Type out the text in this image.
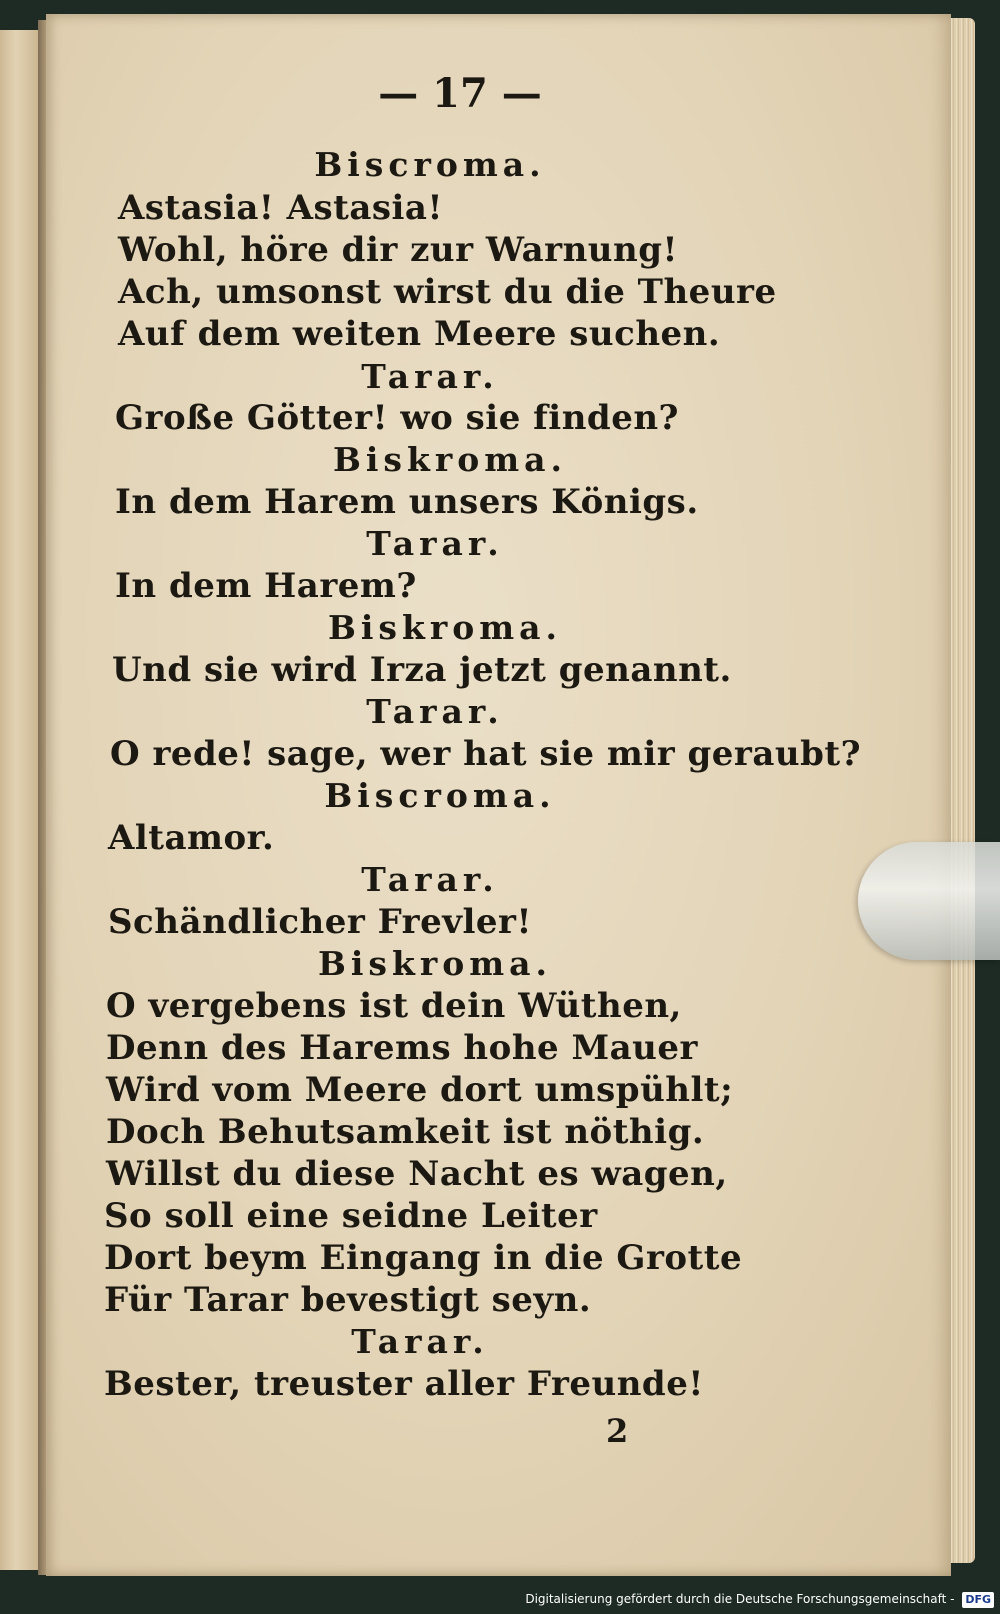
— 17 —
Biscroma.
Astasia! Astasia!
Wohl, höre dir zur Warnung!
Ach, umsonst wirst du die Theure
Auf dem weiten Meere suchen.
Tarar.
Große Götter! wo sie finden?
Biskroma.
In dem Harem unsers Königs.
Tarar.
In dem Harem?
Biskroma.
Und sie wird Irza jetzt genannt.
Tarar.
O rede! sage, wer hat sie mir geraubt?
Biscroma.
Altamor.
Tarar.
Schändlicher Frevler!
Biskroma.
O vergebens ist dein Wüthen,
Denn des Harems hohe Mauer
Wird vom Meere dort umspühlt;
Doch Behutsamkeit ist nöthig.
Willst du diese Nacht es wagen,
So soll eine seidne Leiter
Dort beym Eingang in die Grotte
Für Tarar bevestigt seyn.
Tarar.
Bester, treuster aller Freunde!
2
Digitalisierung gefördert durch die Deutsche Forschungsgemeinschaft - DFG
